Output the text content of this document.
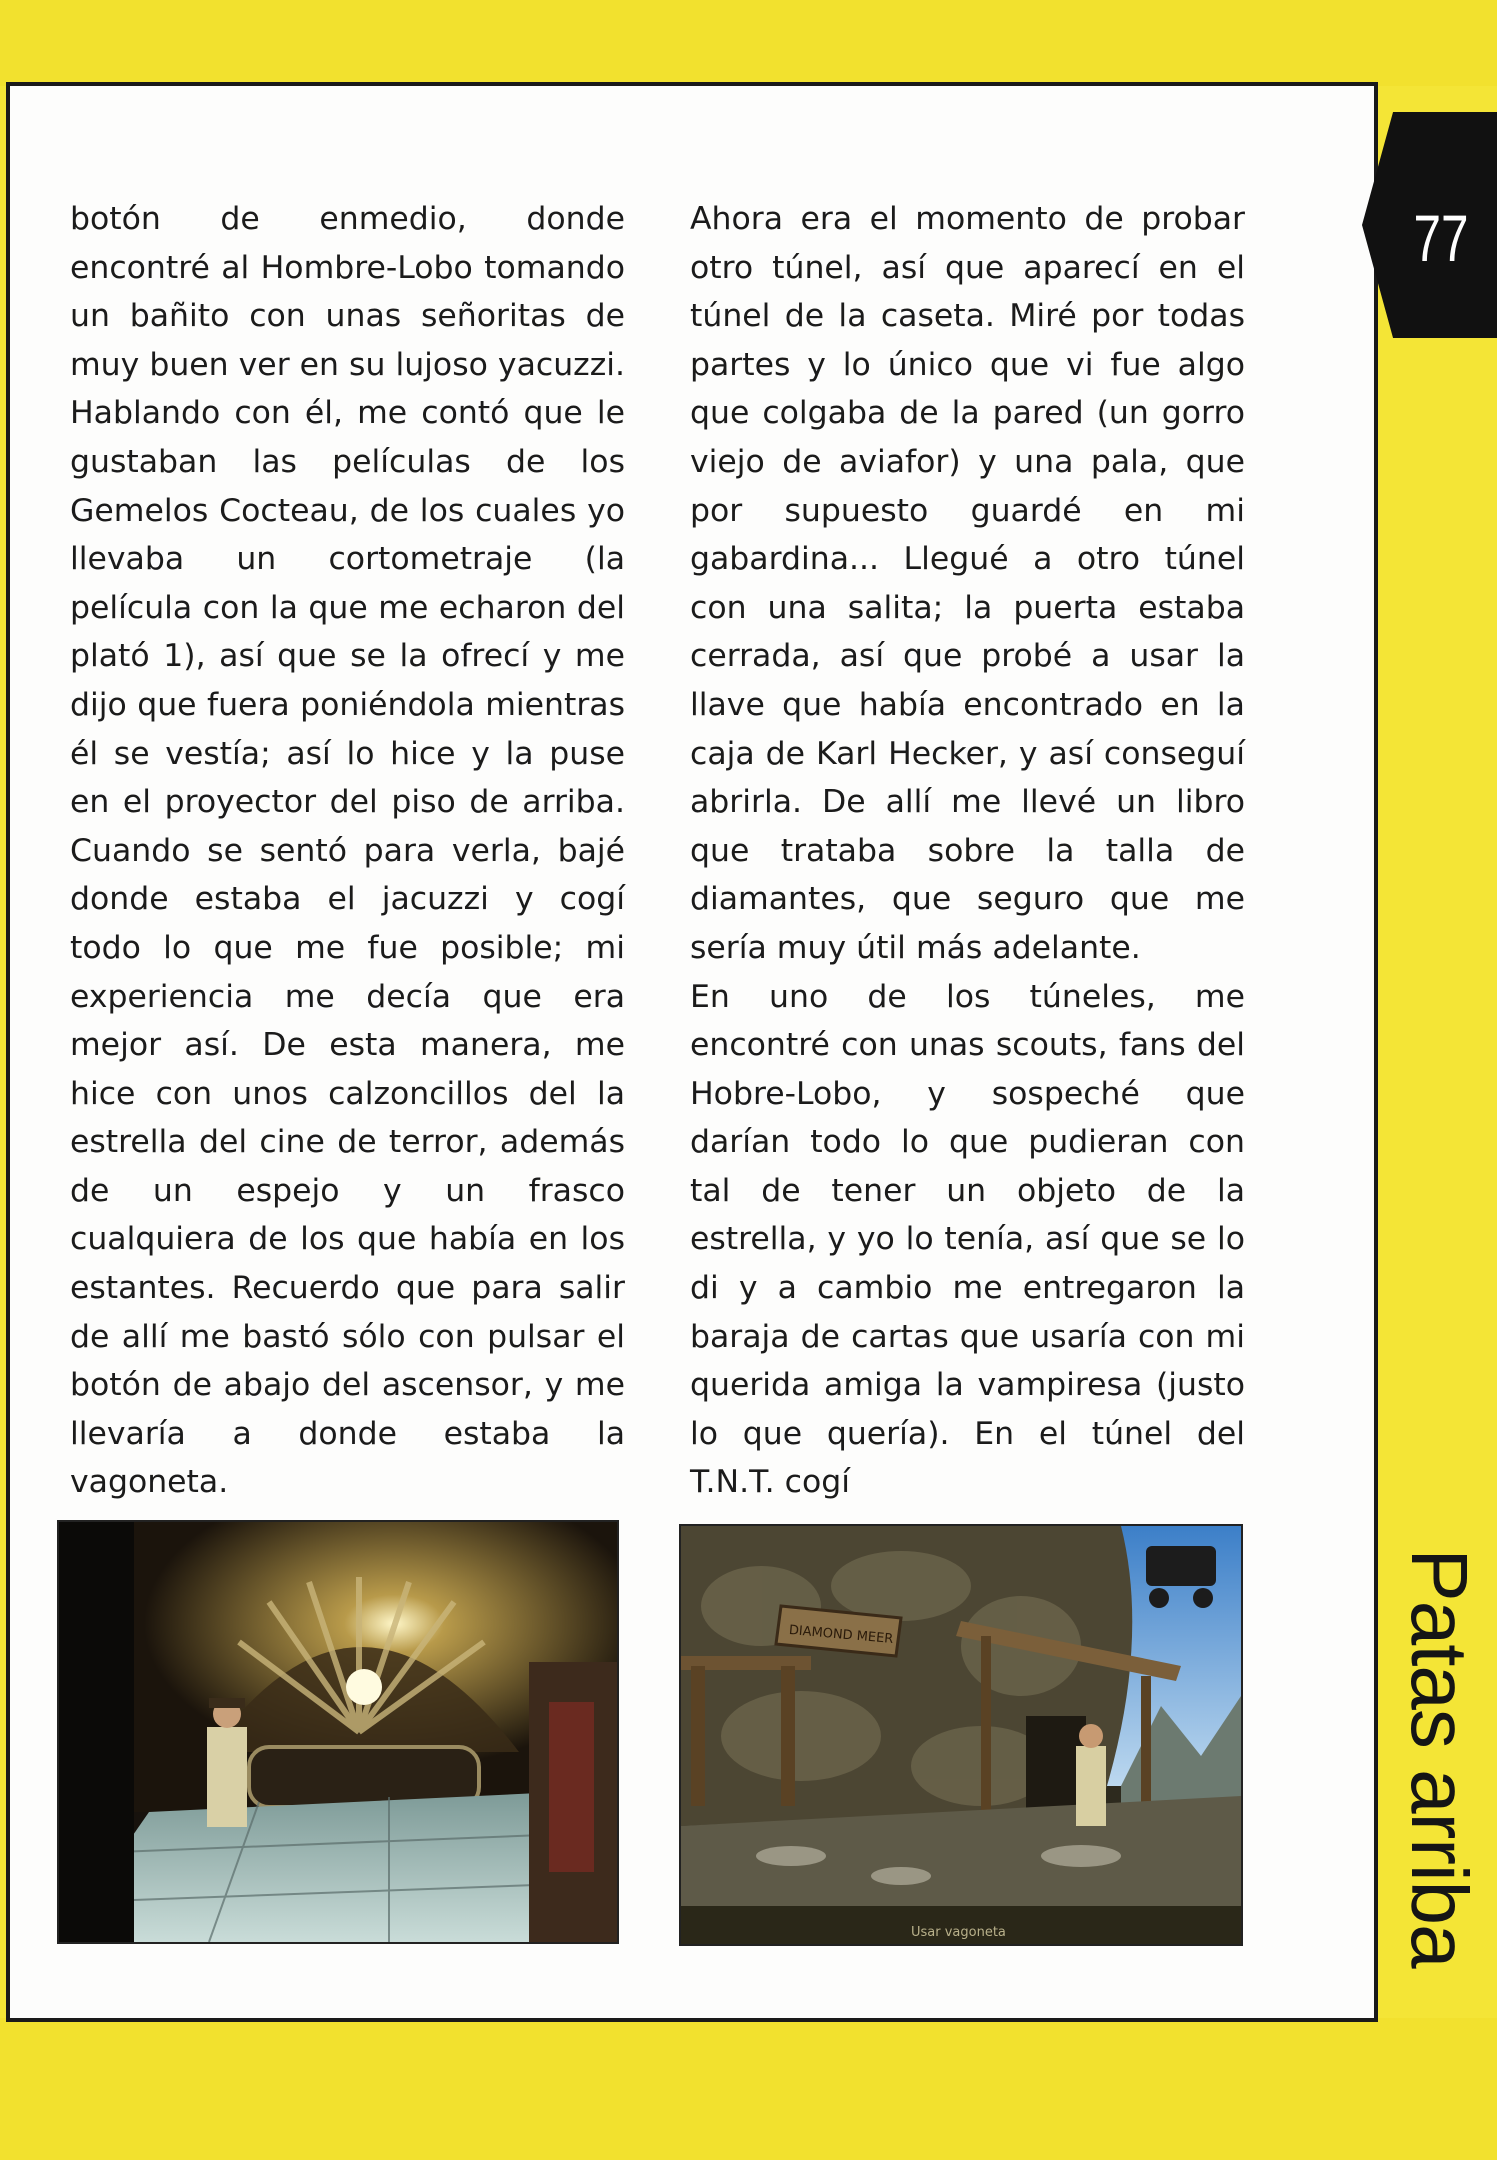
77
Patas arriba

botón de enmedio, donde encontré al Hombre-Lobo tomando un bañito con unas señoritas de muy buen ver en su lujoso yacuzzi. Hablando con él, me contó que le gustaban las películas de los Gemelos Cocteau, de los cuales yo llevaba un cortometraje (la película con la que me echaron del plató 1), así que se la ofrecí y me dijo que fuera poniéndola mientras él se vestía; así lo hice y la puse en el proyector del piso de arriba. Cuando se sentó para verla, bajé donde estaba el jacuzzi y cogí todo lo que me fue posible; mi experiencia me decía que era mejor así. De esta manera, me hice con unos calzoncillos del la estrella del cine de terror, además de un espejo y un frasco cualquiera de los que había en los estantes. Recuerdo que para salir de allí me bastó sólo con pulsar el botón de abajo del ascensor, y me llevaría a donde estaba la vagoneta.

Ahora era el momento de probar otro túnel, así que aparecí en el túnel de la caseta. Miré por todas partes y lo único que vi fue algo que colgaba de la pared (un gorro viejo de aviafor) y una pala, que por supuesto guardé en mi gabardina... Llegué a otro túnel con una salita; la puerta estaba cerrada, así que probé a usar la llave que había encontrado en la caja de Karl Hecker, y así conseguí abrirla. De allí me llevé un libro que trataba sobre la talla de diamantes, que seguro que me sería muy útil más adelante.

En uno de los túneles, me encontré con unas scouts, fans del Hobre-Lobo, y sospeché que darían todo lo que pudieran con tal de tener un objeto de la estrella, y yo lo tenía, así que se lo di y a cambio me entregaron la baraja de cartas que usaría con mi querida amiga la vampiresa (justo lo que quería). En el túnel del T.N.T. cogí

DIAMOND MEER
Usar vagoneta
